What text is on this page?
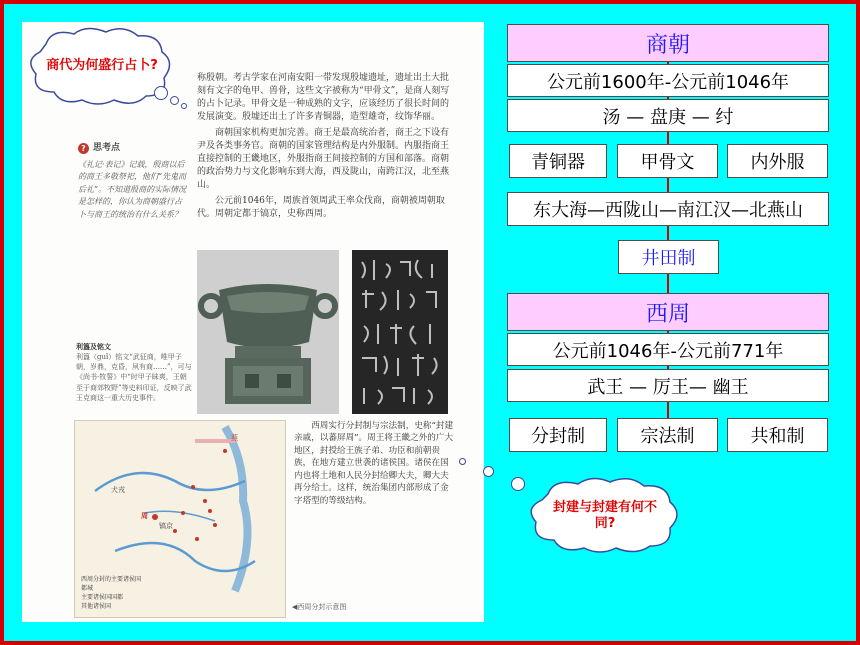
称殷朝。考古学家在河南安阳一带发现殷墟遗址，遗址出土大批刻有文字的龟甲、兽骨，这些文字被称为“甲骨文”，是商人刻写的占卜记录。甲骨文是一种成熟的文字，应该经历了很长时间的发展演变。殷墟还出土了许多青铜器，造型雄奇，纹饰华丽。

商朝国家机构更加完善。商王是最高统治者，商王之下设有尹及各类事务官。商朝的国家管理结构是内外服制。内服指商王直接控制的王畿地区，外服指商王间接控制的方国和部落。商朝的政治势力与文化影响东到大海，西及陇山，南跨江汉，北至燕山。

公元前1046年，周族首领周武王率众伐商，商朝被周朝取代。周朝定都于镐京，史称西周。

? 思考点
《礼记·表记》记载，殷商以后的商王多敬祭祀，他们“先鬼而后礼”。不知道殷商的实际情况是怎样的，你认为商朝盛行占卜与商王的统治有什么关系？
利簋及铭文
利簋（guǐ）铭文“武征商，唯甲子朝，岁鼎，克昏，夙有商……”，可与《尚书·牧誓》中“时甲子昧爽，王朝至于商郊牧野”等史料印证，反映了武王克商这一重大历史事件。
犬戎
周
镐京
燕
西周分封的主要诸侯国
都城
主要诸侯国国都
其他诸侯国

西周实行分封制与宗法制，史称“封建亲戚，以蕃屏周”。周王将王畿之外的广大地区，封授给王族子弟、功臣和前朝贵族，在地方建立世袭的诸侯国。诸侯在国内也将土地和人民分封给卿大夫，卿大夫再分给士。这样，统治集团内部形成了金字塔型的等级结构。

◀西周分封示意图
商代为何盛行占卜?
封建与封建有何不同?
商朝
公元前1600年-公元前1046年
汤 — 盘庚 — 纣
青铜器	甲骨文	内外服
东大海—西陇山—南江汉—北燕山
井田制
西周
公元前1046年-公元前771年
武王 — 厉王— 幽王
分封制	宗法制	共和制
